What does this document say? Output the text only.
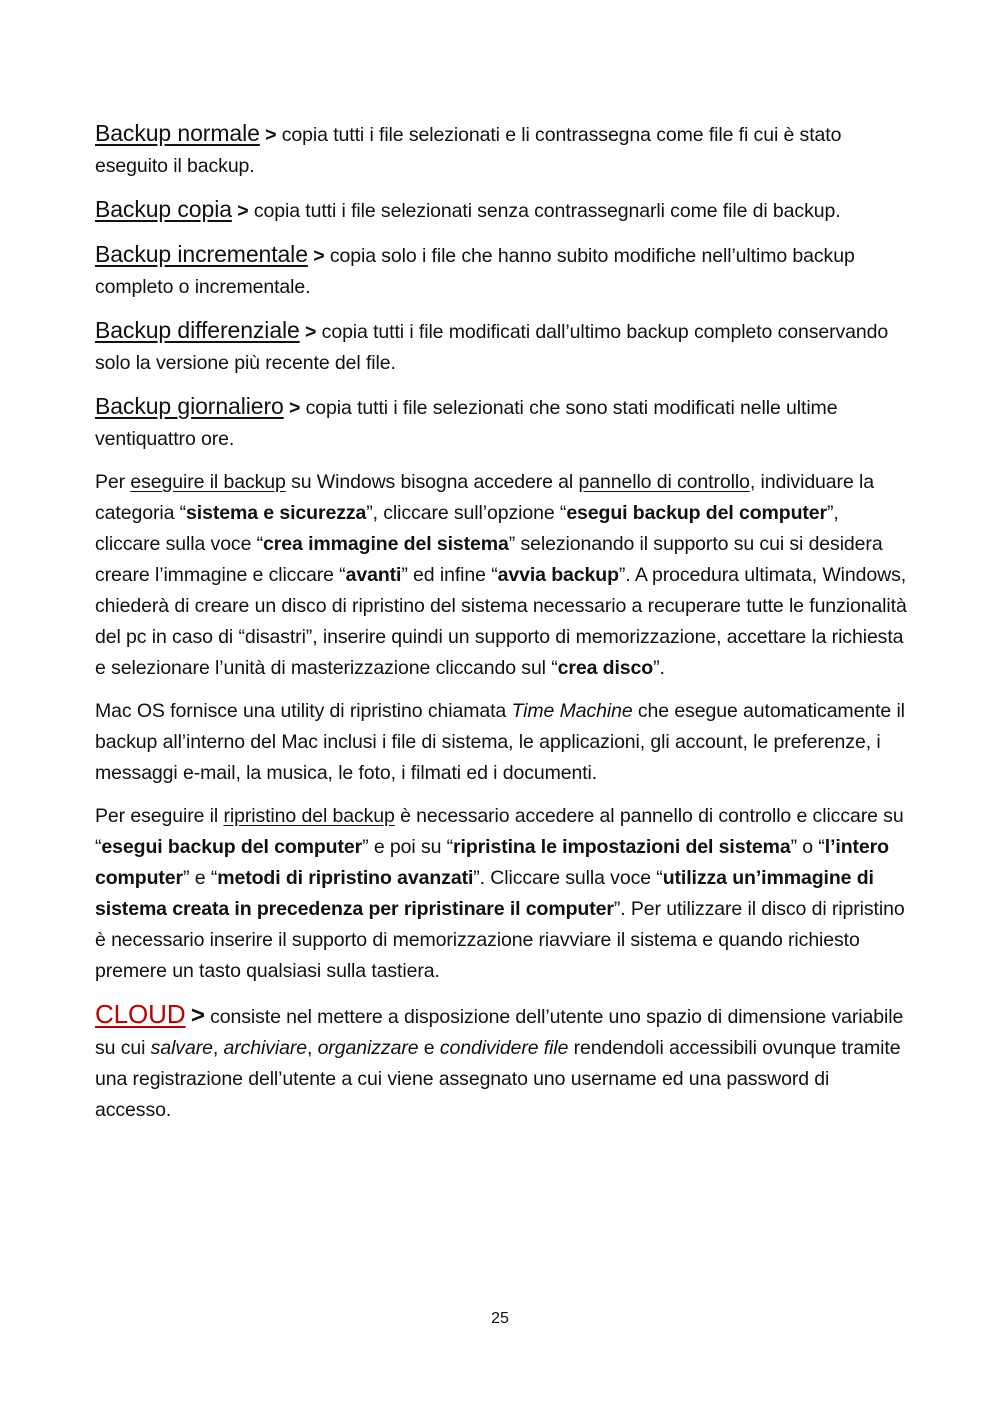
Backup normale > copia tutti i file selezionati e li contrassegna come file fi cui è stato eseguito il backup.

Backup copia > copia tutti i file selezionati senza contrassegnarli come file di backup.

Backup incrementale > copia solo i file che hanno subito modifiche nell’ultimo backup completo o incrementale.

Backup differenziale > copia tutti i file modificati dall’ultimo backup completo conservando solo la versione più recente del file.

Backup giornaliero > copia tutti i file selezionati che sono stati modificati nelle ultime ventiquattro ore.

Per eseguire il backup su Windows bisogna accedere al pannello di controllo, individuare la categoria “sistema e sicurezza”, cliccare sull’opzione “esegui backup del computer”, cliccare sulla voce “crea immagine del sistema” selezionando il supporto su cui si desidera creare l’immagine e cliccare “avanti” ed infine “avvia backup”. A procedura ultimata, Windows, chiederà di creare un disco di ripristino del sistema necessario a recuperare tutte le funzionalità del pc in caso di “disastri”, inserire quindi un supporto di memorizzazione, accettare la richiesta e selezionare l’unità di masterizzazione cliccando sul “crea disco”.

Mac OS fornisce una utility di ripristino chiamata Time Machine che esegue automaticamente il backup all’interno del Mac inclusi i file di sistema, le applicazioni, gli account, le preferenze, i messaggi e-mail, la musica, le foto, i filmati ed i documenti.

Per eseguire il ripristino del backup è necessario accedere al pannello di controllo e cliccare su “esegui backup del computer” e poi su “ripristina le impostazioni del sistema” o “l’intero computer” e “metodi di ripristino avanzati”. Cliccare sulla voce “utilizza un’immagine di sistema creata in precedenza per ripristinare il computer”. Per utilizzare il disco di ripristino è necessario inserire il supporto di memorizzazione riavviare il sistema e quando richiesto premere un tasto qualsiasi sulla tastiera.

CLOUD > consiste nel mettere a disposizione dell’utente uno spazio di dimensione variabile su cui salvare, archiviare, organizzare e condividere file rendendoli accessibili ovunque tramite una registrazione dell’utente a cui viene assegnato uno username ed una password di accesso.

25
